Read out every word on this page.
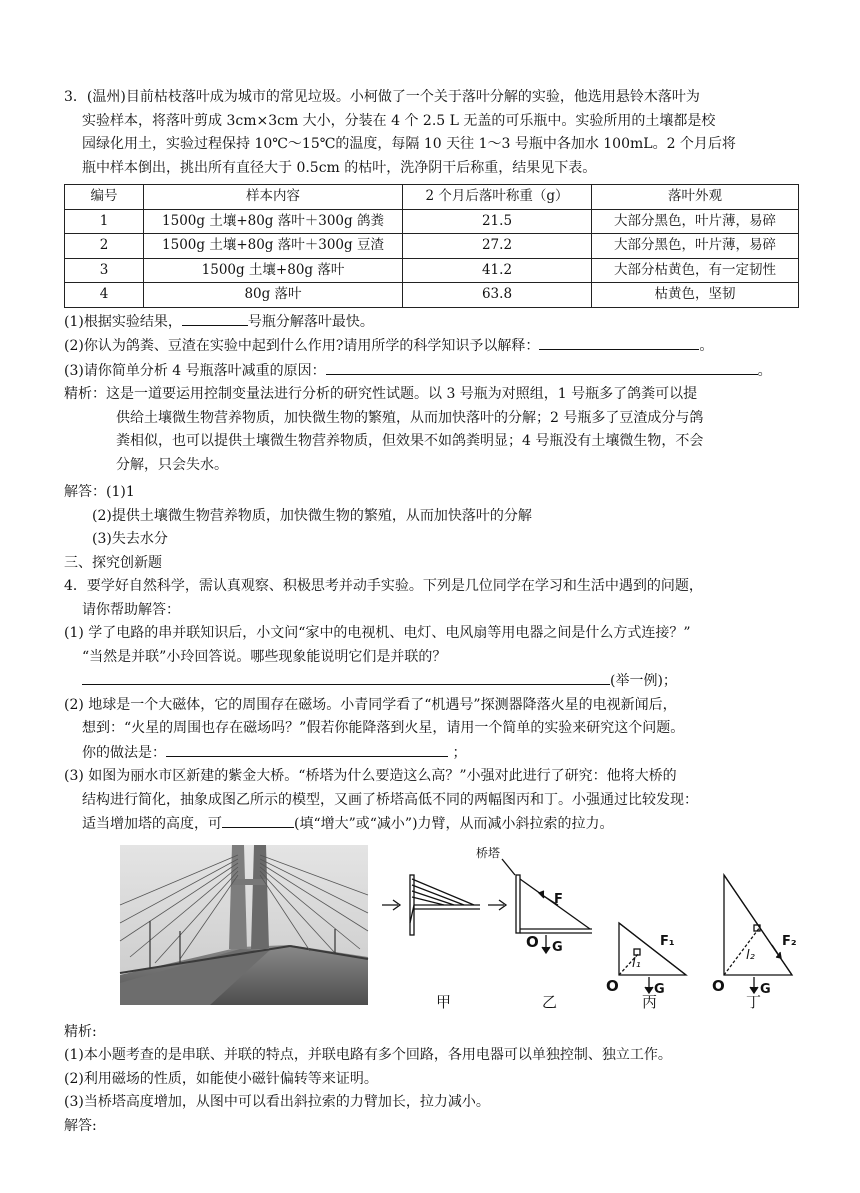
3．(温州)目前枯枝落叶成为城市的常见垃圾。小柯做了一个关于落叶分解的实验，他选用悬铃木落叶为

实验样本，将落叶剪成 3cm×3cm 大小，分装在 4 个 2.5 L 无盖的可乐瓶中。实验所用的土壤都是校

园绿化用土，实验过程保持 10℃～15℃的温度，每隔 10 天往 1～3 号瓶中各加水 100mL。2 个月后将

瓶中样本倒出，挑出所有直径大于 0.5cm 的枯叶，洗净阴干后称重，结果见下表。

编号	样本内容	2 个月后落叶称重（g）	落叶外观
1	1500g 土壤+80g 落叶＋300g 鸽粪	21.5	大部分黑色，叶片薄，易碎
2	1500g 土壤+80g 落叶＋300g 豆渣	27.2	大部分黑色，叶片薄，易碎
3	1500g 土壤+80g 落叶	41.2	大部分枯黄色，有一定韧性
4	80g 落叶	63.8	枯黄色，坚韧

(1)根据实验结果，	号瓶分解落叶最快。

(2)你认为鸽粪、豆渣在实验中起到什么作用?请用所学的科学知识予以解释：	。

(3)请你简单分析 4 号瓶落叶减重的原因：	。

精析：这是一道要运用控制变量法进行分析的研究性试题。以 3 号瓶为对照组，1 号瓶多了鸽粪可以提

供给土壤微生物营养物质，加快微生物的繁殖，从而加快落叶的分解；2 号瓶多了豆渣成分与鸽

粪相似，也可以提供土壤微生物营养物质，但效果不如鸽粪明显；4 号瓶没有土壤微生物，不会

分解，只会失水。

解答：(1)1

(2)提供土壤微生物营养物质，加快微生物的繁殖，从而加快落叶的分解

(3)失去水分

三、探究创新题

4．要学好自然科学，需认真观察、积极思考并动手实验。下列是几位同学在学习和生活中遇到的问题，

请你帮助解答：

(1) 学了电路的串并联知识后，小文问“家中的电视机、电灯、电风扇等用电器之间是什么方式连接？”

“当然是并联”小玲回答说。哪些现象能说明它们是并联的？

(举一例)；

(2) 地球是一个大磁体，它的周围存在磁场。小青同学看了“机遇号”探测器降落火星的电视新闻后，

想到：“火星的周围也存在磁场吗？”假若你能降落到火星，请用一个简单的实验来研究这个问题。

你的做法是：	；

(3) 如图为丽水市区新建的紫金大桥。“桥塔为什么要造这么高？”小强对此进行了研究：他将大桥的

结构进行简化，抽象成图乙所示的模型，又画了桥塔高低不同的两幅图丙和丁。小强通过比较发现：

适当增加塔的高度，可	(填“增大”或“减小”)力臂，从而减小斜拉索的拉力。

桥塔
F
O G	F₁
l₁
O	G
F₂
l₂
O	G
甲	乙	丙	丁

精析:

(1)本小题考查的是串联、并联的特点，并联电路有多个回路，各用电器可以单独控制、独立工作。

(2)利用磁场的性质，如能使小磁针偏转等来证明。

(3)当桥塔高度增加，从图中可以看出斜拉索的力臂加长，拉力减小。

解答:
